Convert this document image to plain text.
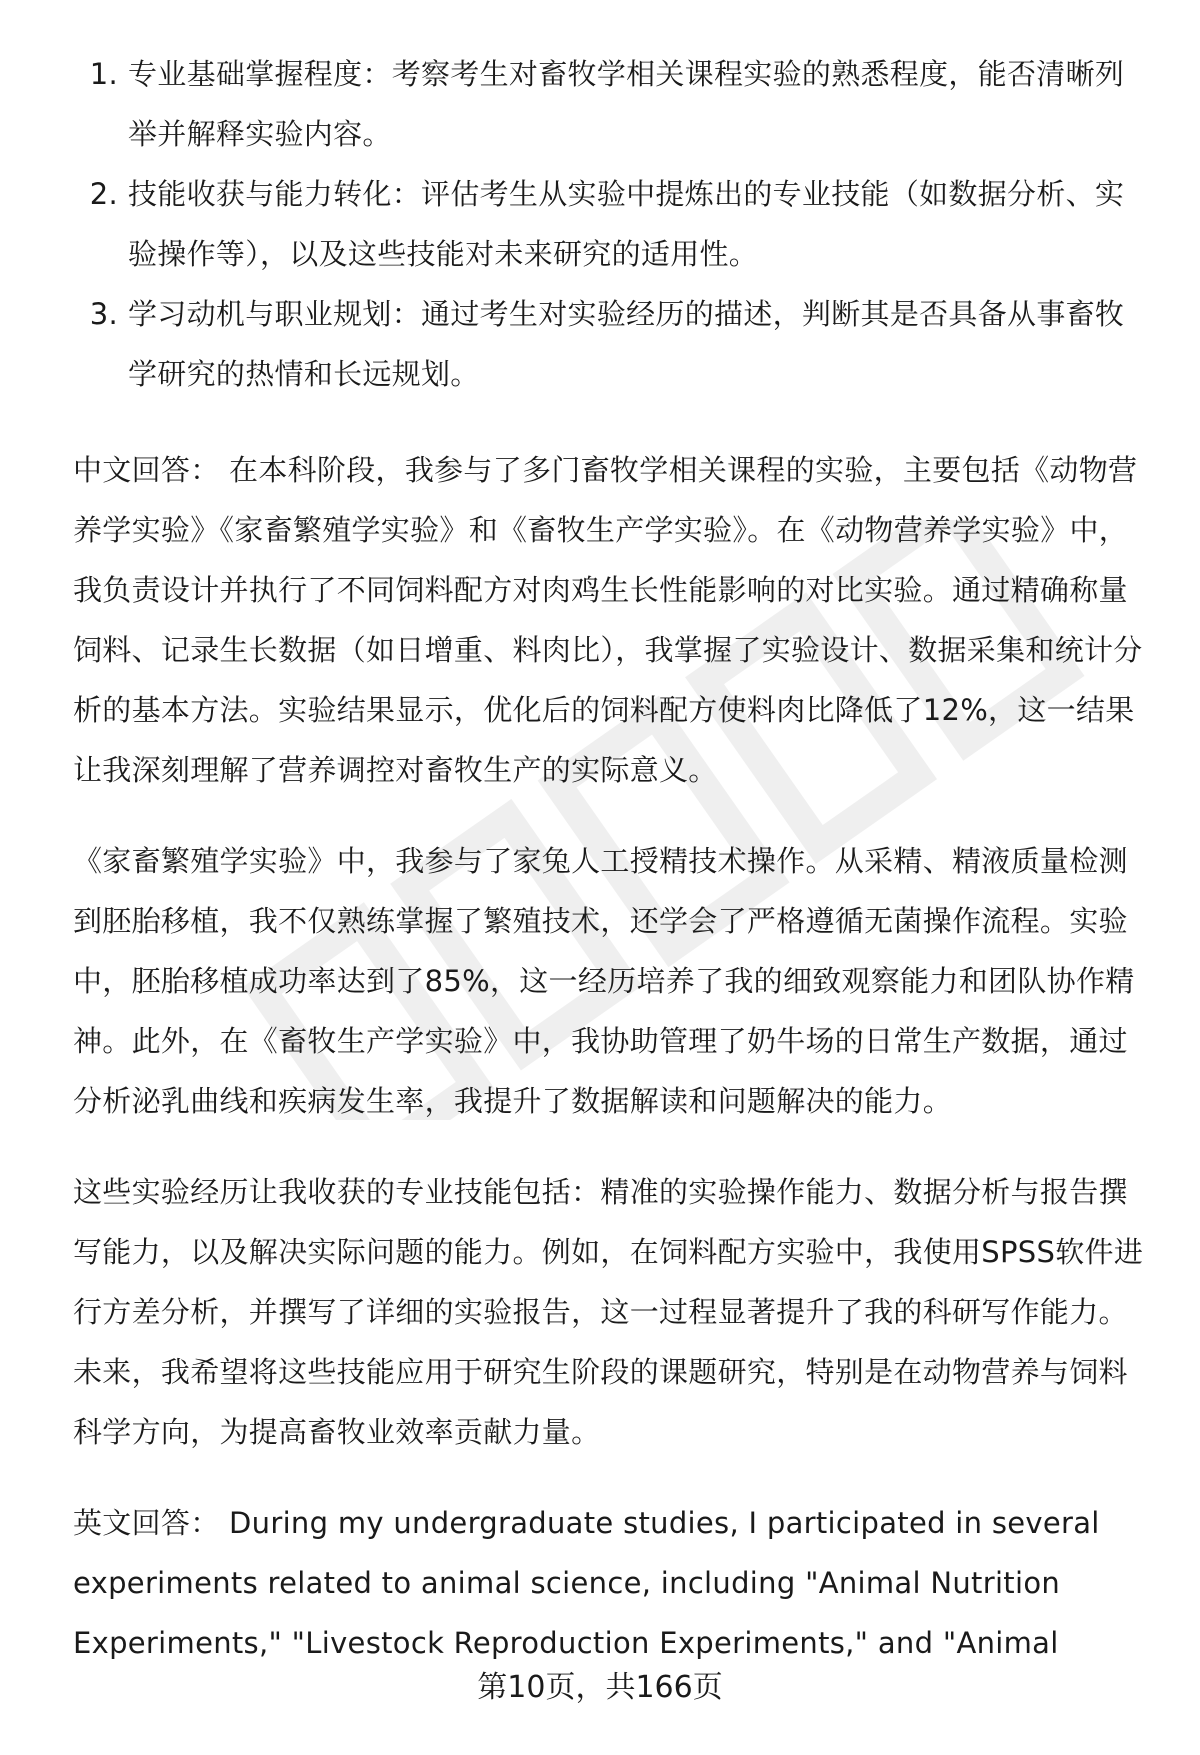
1. 专业基础掌握程度：考察考生对畜牧学相关课程实验的熟悉程度，能否清晰列举并解释实验内容。
2. 技能收获与能力转化：评估考生从实验中提炼出的专业技能（如数据分析、实验操作等），以及这些技能对未来研究的适用性。
3. 学习动机与职业规划：通过考生对实验经历的描述，判断其是否具备从事畜牧学研究的热情和长远规划。

中文回答： 在本科阶段，我参与了多门畜牧学相关课程的实验，主要包括《动物营养学实验》《家畜繁殖学实验》和《畜牧生产学实验》。在《动物营养学实验》中，我负责设计并执行了不同饲料配方对肉鸡生长性能影响的对比实验。通过精确称量饲料、记录生长数据（如日增重、料肉比），我掌握了实验设计、数据采集和统计分析的基本方法。实验结果显示，优化后的饲料配方使料肉比降低了12%，这一结果让我深刻理解了营养调控对畜牧生产的实际意义。

《家畜繁殖学实验》中，我参与了家兔人工授精技术操作。从采精、精液质量检测到胚胎移植，我不仅熟练掌握了繁殖技术，还学会了严格遵循无菌操作流程。实验中，胚胎移植成功率达到了85%，这一经历培养了我的细致观察能力和团队协作精神。此外，在《畜牧生产学实验》中，我协助管理了奶牛场的日常生产数据，通过分析泌乳曲线和疾病发生率，我提升了数据解读和问题解决的能力。

这些实验经历让我收获的专业技能包括：精准的实验操作能力、数据分析与报告撰写能力，以及解决实际问题的能力。例如，在饲料配方实验中，我使用SPSS软件进行方差分析，并撰写了详细的实验报告，这一过程显著提升了我的科研写作能力。未来，我希望将这些技能应用于研究生阶段的课题研究，特别是在动物营养与饲料科学方向，为提高畜牧业效率贡献力量。

英文回答： During my undergraduate studies, I participated in several experiments related to animal science, including "Animal Nutrition Experiments," "Livestock Reproduction Experiments," and "Animal

第10页，共166页
